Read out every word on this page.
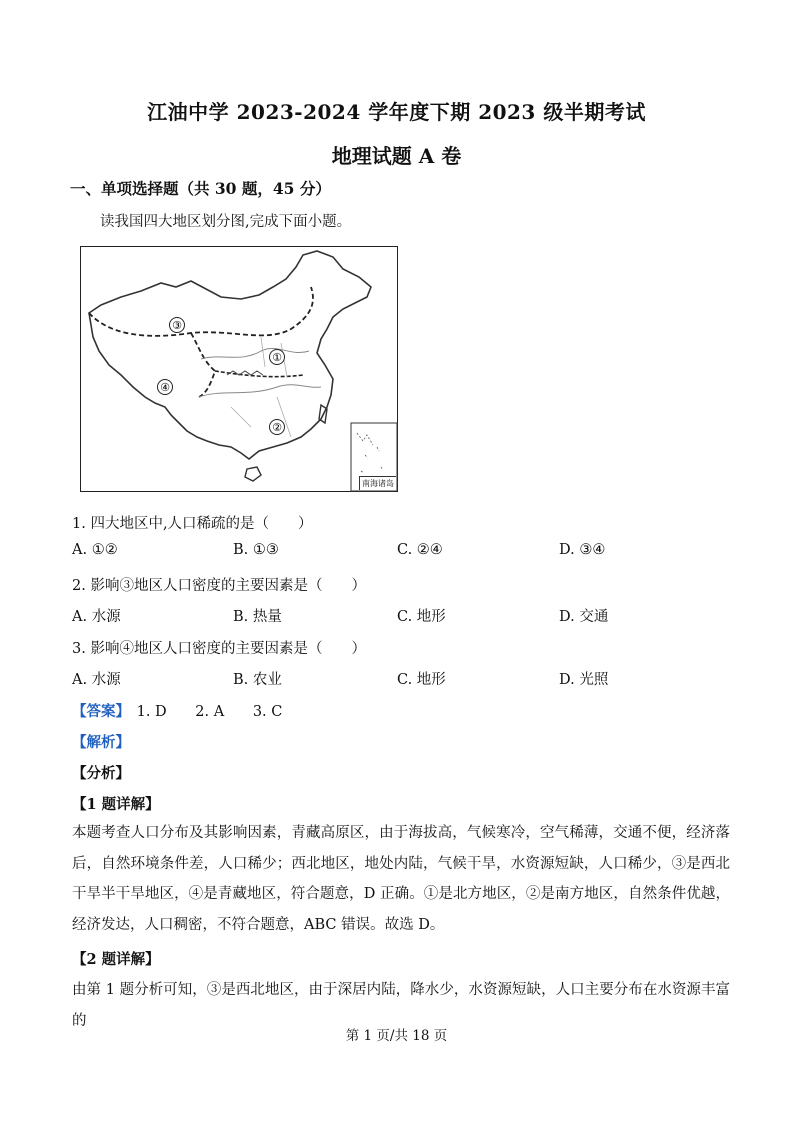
江油中学 2023-2024 学年度下期 2023 级半期考试
地理试题 A 卷
一、单项选择题（共 30 题，45 分）
读我国四大地区划分图,完成下面小题。
③
①
④
②
南海诸岛
1. 四大地区中,人口稀疏的是（　　）
A. ①②	B. ①③	C. ②④	D. ③④
2. 影响③地区人口密度的主要因素是（　　）
A. 水源	B. 热量	C. 地形	D. 交通
3. 影响④地区人口密度的主要因素是（　　）
A. 水源	B. 农业	C. 地形	D. 光照
【答案】 1. D 2. A 3. C
【解析】
【分析】
【1 题详解】
本题考查人口分布及其影响因素，青藏高原区，由于海拔高，气候寒冷，空气稀薄，交通不便，经济落后，自然环境条件差，人口稀少；西北地区，地处内陆，气候干旱，水资源短缺，人口稀少，③是西北干旱半干旱地区，④是青藏地区，符合题意，D 正确。①是北方地区，②是南方地区，自然条件优越，经济发达，人口稠密，不符合题意，ABC 错误。故选 D。
【2 题详解】
由第 1 题分析可知，③是西北地区，由于深居内陆，降水少，水资源短缺，人口主要分布在水资源丰富的
第 1 页/共 18 页
